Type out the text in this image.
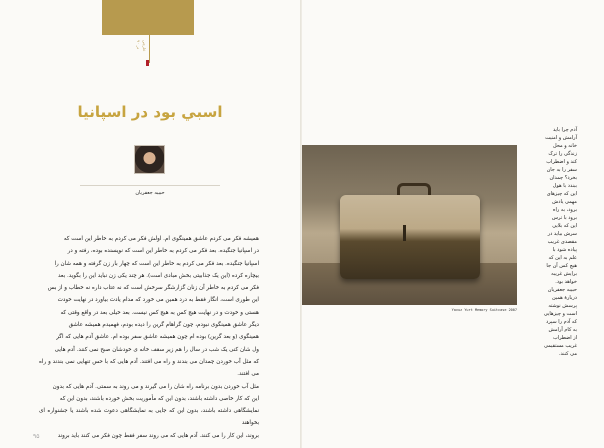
خارجی در ۹۰
اسبي بود در اسپانيا
حبيبه جعفريان

همیشه فکر می کردم عاشق همینگوی ام. اولش فکر می کردم به خاطر این است که

در اسپانیا جنگیده. بعد فکر می کردم به خاطر این است که نویسنده بوده، رفته و در

اسپانیا جنگیده. بعد فکر می کردم به خاطر این است که چهار بار زن گرفته و همه شان را

بیچاره کرده (این یک جذابیتی بخش مبادی است). هر چند یکی زن نباید این را بگوید. بعد

فکر می کردم به خاطر آن زنان گزارشگر سرخش است که نه عتاب داره نه خطاب و از بس

این طوری است، انگار فقط به درد همین می خورد که مدام یادت بیاورد در نهایت خودت

هستی و خودت و در نهایت هیچ کس به هیچ کس نیست. بعد خیلی بعد در واقع وقتی که

دیگر عاشق همینگوی نبودم، چون گراهام گرین را دیده بودم، فهمیدم همیشه عاشق

همینگوی (و بعد گرین) بوده ام چون همیشه عاشق سفر بوده ام. عاشق آدم هایی که اگر

ول شان کنی یک شب در سال را هم زیر سقف خانه ی خودشان صبح نمی کنند. آدم هایی

که مثل آب خوردن چمدان می بندند و راه می افتند. آدم هایی که با حس تنهایی نمی بندند و راه می افتند.

مثل آب خوردن بدون برنامه راه شان را می گیرند و می روند به سمتی. آدم هایی که بدون

این که کار خاصی داشته باشند، بدون این که مأموریت بخش خورده باشند، بدون این که

نمایشگاهی داشته باشند، بدون این که جایی به نمایشگاهی دعوت شده باشند یا جشنواره ای بخواهند

بروند، این کار را می کنند. آدم هایی که می روند سفر فقط چون فکر می کنند باید بروند

۹۵
Yavuz Yurt Memory Suitcase 2007

آدم چرا باید

آرامش و امنیت

خانه و محل

زندگی را ترک

کند و اضطراب

سفر را به جان

بخرد؟ چمدان

ببندد با هول

این که چیزهای

مهمی یادش

برود، به راه

برود با ترس

این که بلایی

سرش بیاید در

مقصدی غریب

پیاده شود با

علم به این که

هیچ کس آن جا

برایش غریبه

خواهد بود.

حبیبه جعفریان

دربارۀ همین

پرسش نوشته

است و چیزهایی

که آدم را سپرد

به کام آرامش

از اضطراب

غریب مستقیمی

می کنند.
